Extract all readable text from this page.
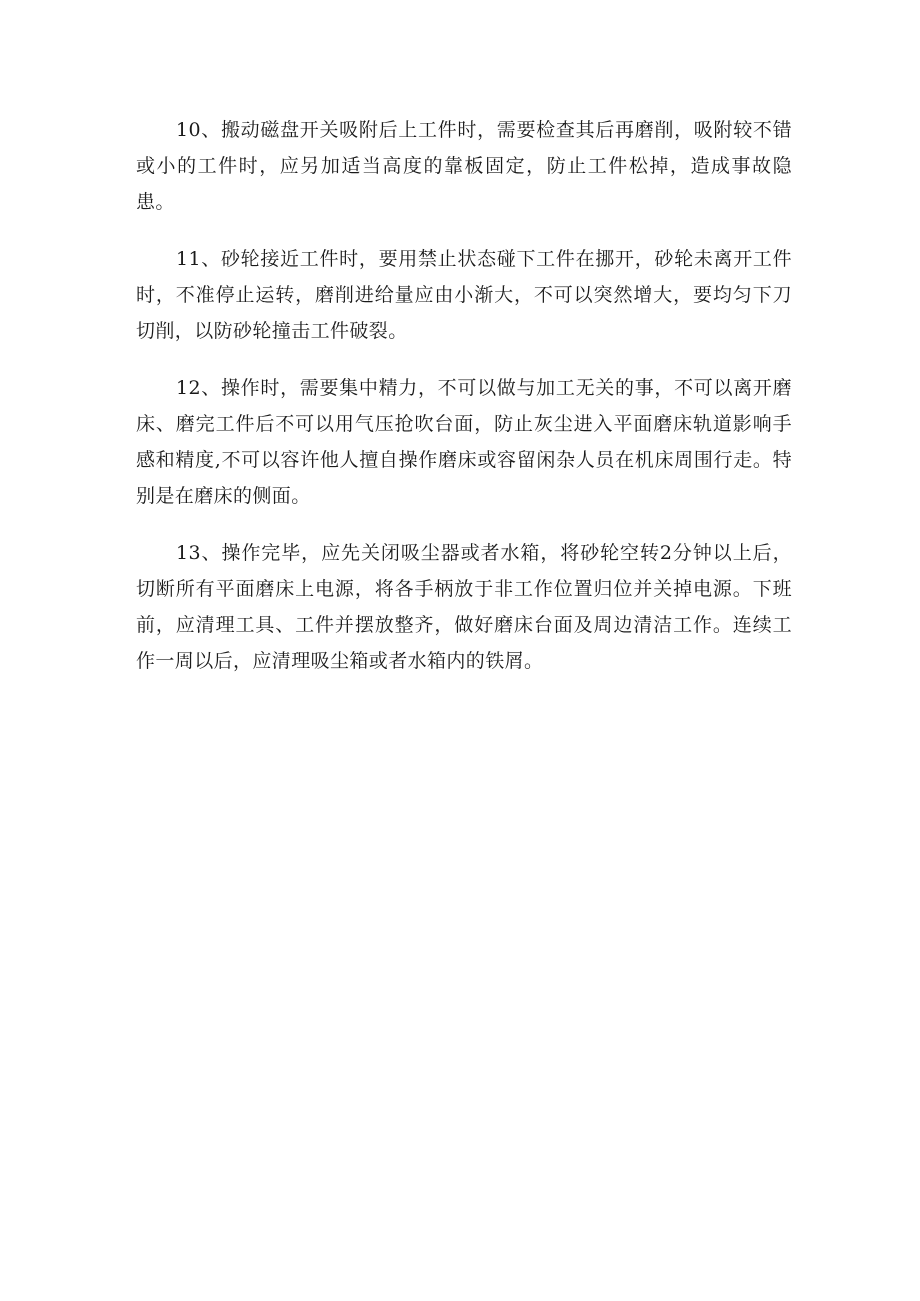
10、搬动磁盘开关吸附后上工件时，需要检查其后再磨削，吸附较不错或小的工件时，应另加适当高度的靠板固定，防止工件松掉，造成事故隐患。

11、砂轮接近工件时，要用禁止状态碰下工件在挪开，砂轮未离开工件时，不准停止运转，磨削进给量应由小渐大，不可以突然增大，要均匀下刀切削，以防砂轮撞击工件破裂。

12、操作时，需要集中精力，不可以做与加工无关的事，不可以离开磨床、磨完工件后不可以用气压抢吹台面，防止灰尘进入平面磨床轨道影响手感和精度,不可以容许他人擅自操作磨床或容留闲杂人员在机床周围行走。特别是在磨床的侧面。

13、操作完毕，应先关闭吸尘器或者水箱，将砂轮空转2分钟以上后，切断所有平面磨床上电源，将各手柄放于非工作位置归位并关掉电源。下班前，应清理工具、工件并摆放整齐，做好磨床台面及周边清洁工作。连续工作一周以后，应清理吸尘箱或者水箱内的铁屑。
